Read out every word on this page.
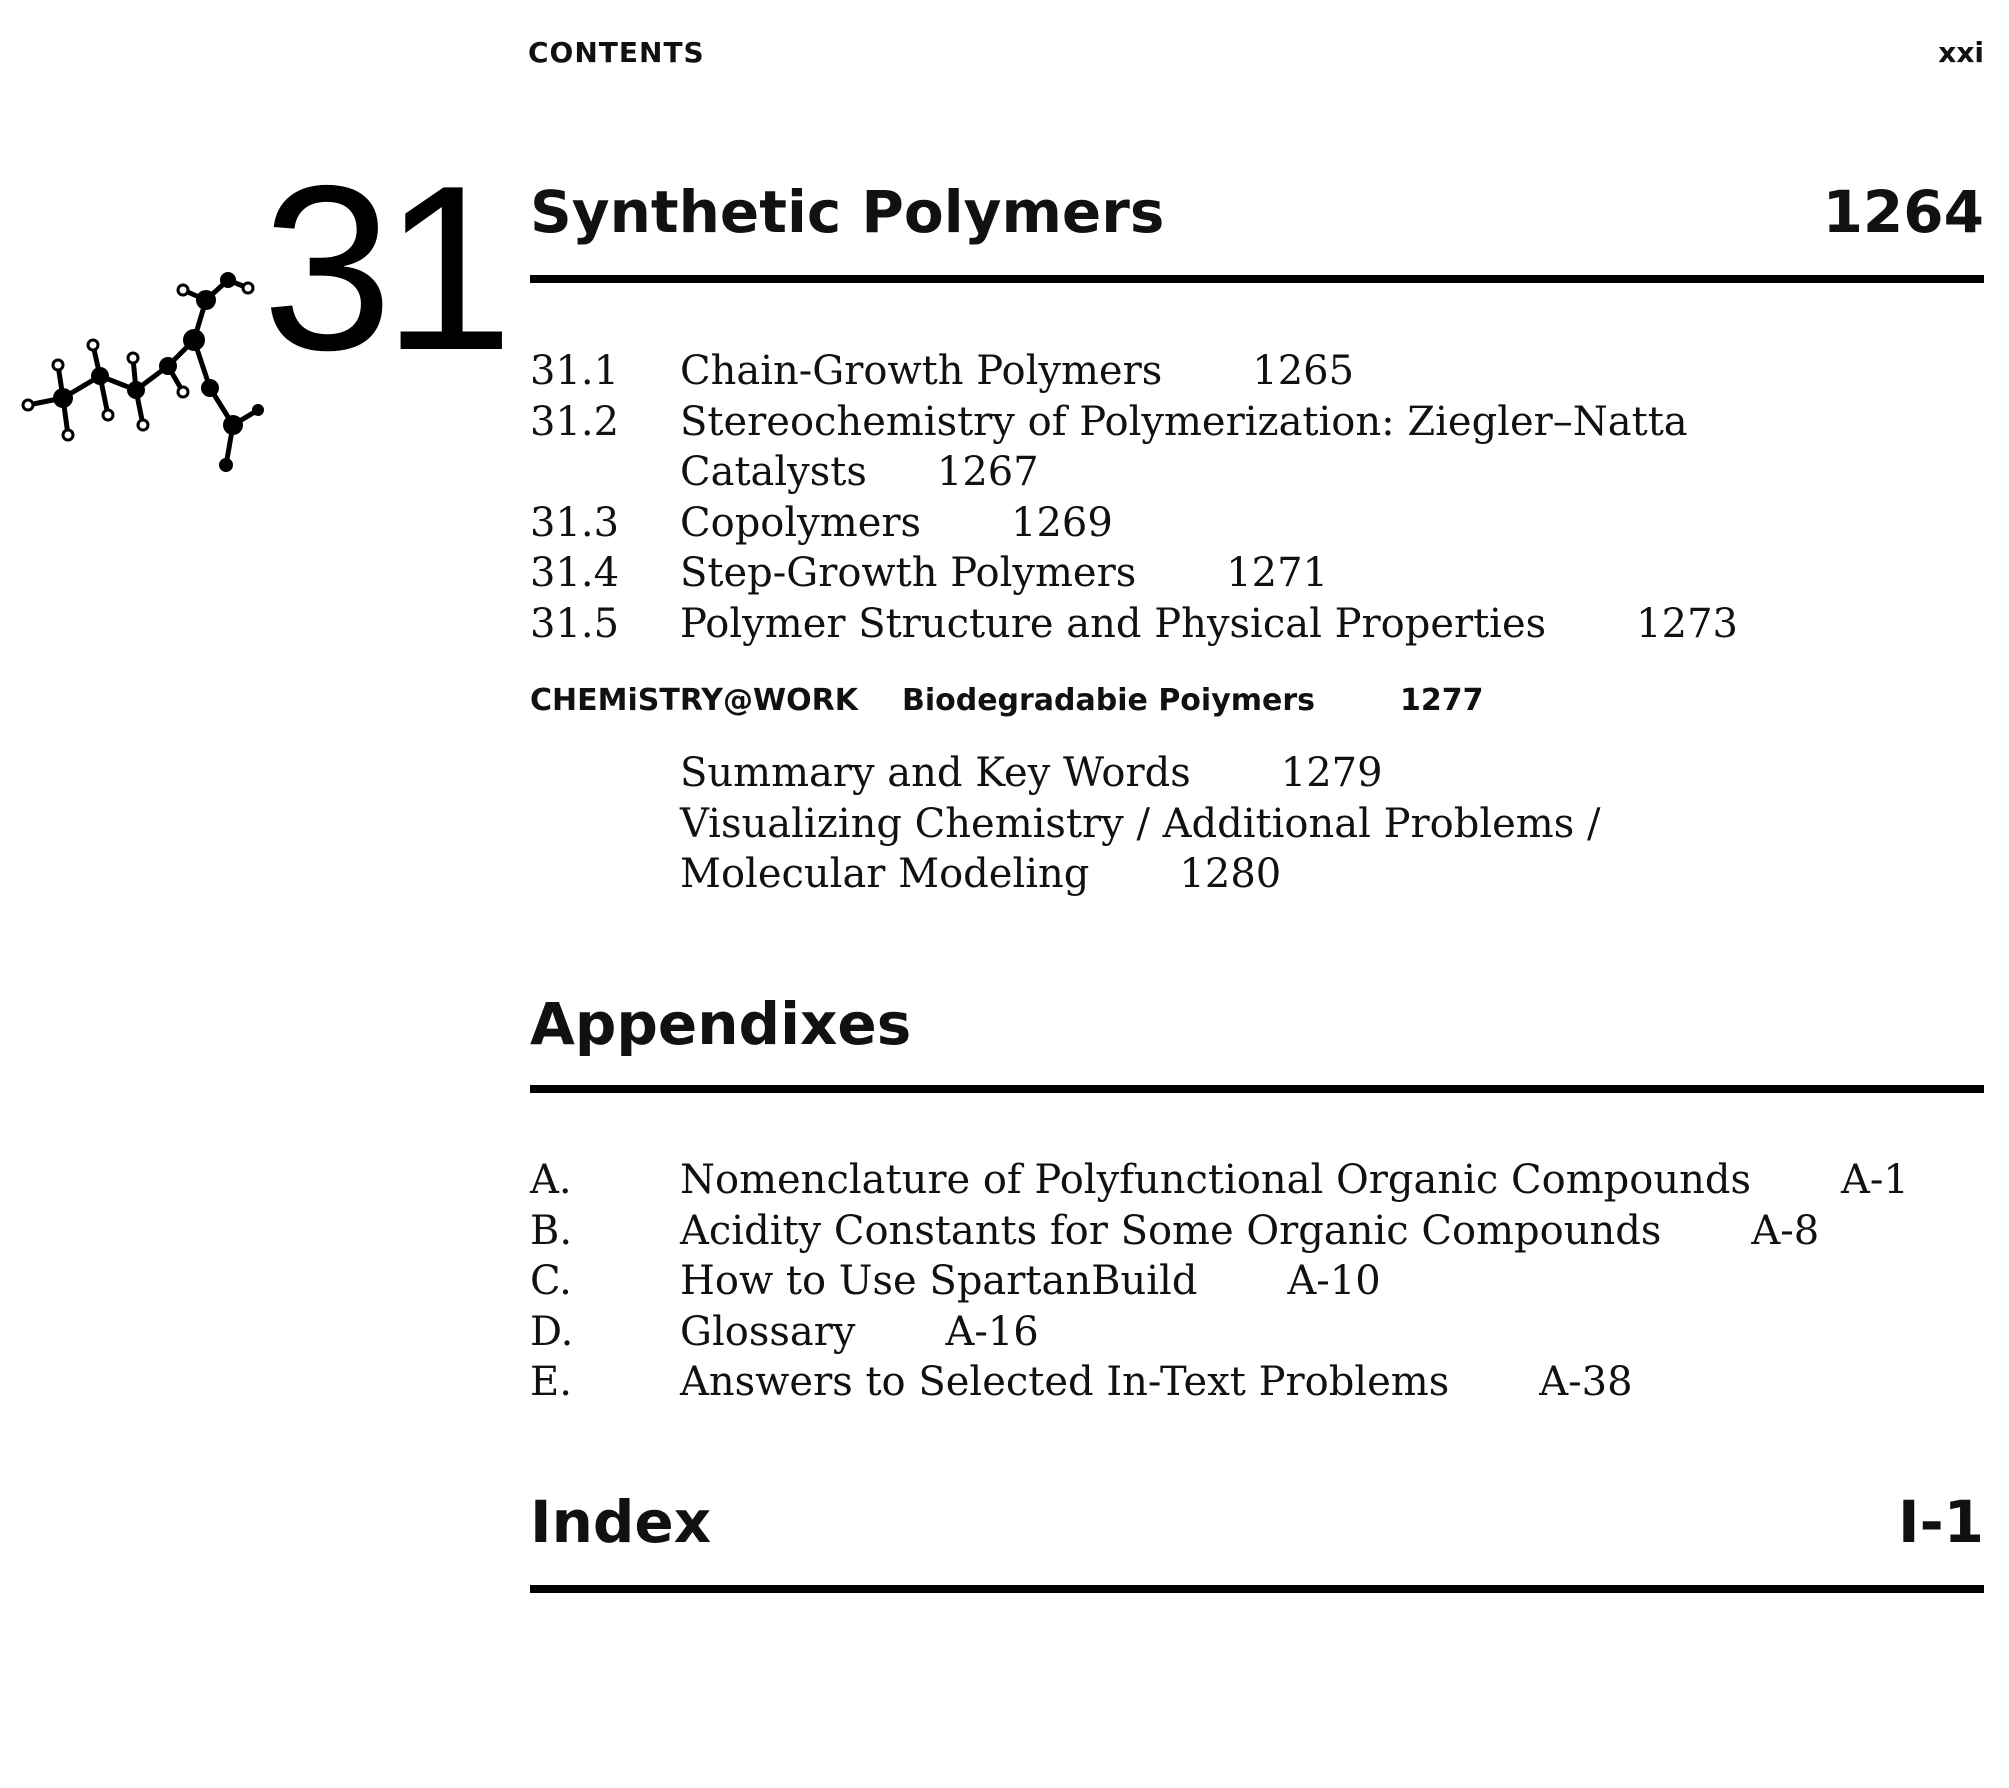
CONTENTS	xxi
31 Synthetic Polymers	1264
31.1 Chain-Growth Polymers 1265
31.2 Stereochemistry of Polymerization: Ziegler–Natta
Catalysts 1267
31.3 Copolymers 1269
31.4 Step-Growth Polymers 1271
31.5 Polymer Structure and Physical Properties 1273
CHEMiSTRY@WORK Biodegradabie Poiymers	1277
Summary and Key Words 1279
Visualizing Chemistry / Additional Problems /
Molecular Modeling 1280
Appendixes
A.	Nomenclature of Polyfunctional Organic Compounds A-1
B.	Acidity Constants for Some Organic Compounds A-8
C.	How to Use SpartanBuild A-10
D.	Glossary A-16
E.	Answers to Selected In-Text Problems A-38
Index	I-1
